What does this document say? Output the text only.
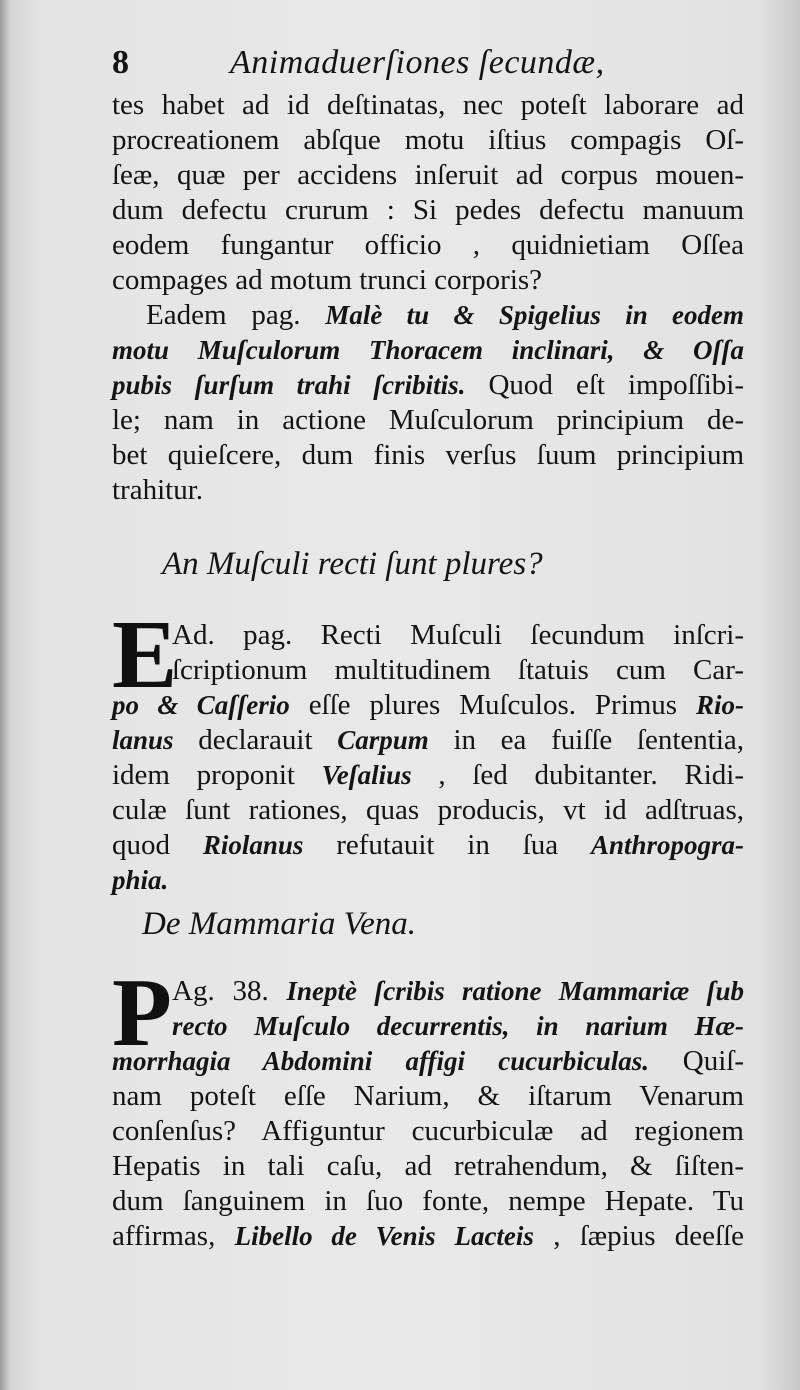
8	Animaduerſiones ſecundæ,
tes habet ad id deſtinatas, nec poteſt laborare ad
procreationem abſque motu iſtius compagis Oſ-
ſeæ, quæ per accidens inſeruit ad corpus mouen-
dum defectu crurum : Si pedes defectu manuum
eodem fungantur officio , quidnietiam Oſſea
compages ad motum trunci corporis?
Eadem pag. Malè tu & Spigelius in eodem
motu Muſculorum Thoracem inclinari, & Oſſa
pubis ſurſum trahi ſcribitis. Quod eſt impoſſibi-
le; nam in actione Muſculorum principium de-
bet quieſcere, dum finis verſus ſuum principium
trahitur.
An Muſculi recti ſunt plures?
E
Ad. pag. Recti Muſculi ſecundum inſcri-
ſcriptionum multitudinem ſtatuis cum Car-
po & Caſſerio eſſe plures Muſculos. Primus Rio-
lanus declarauit Carpum in ea fuiſſe ſententia,
idem proponit Veſalius , ſed dubitanter. Ridi-
culæ ſunt rationes, quas producis, vt id adſtruas,
quod Riolanus refutauit in ſua Anthropogra-
phia.
De Mammaria Vena.
P Ag. 38. Ineptè ſcribis ratione Mammariæ ſub
recto Muſculo decurrentis, in narium Hæ-
morrhagia Abdomini affigi cucurbiculas. Quiſ-
nam poteſt eſſe Narium, & iſtarum Venarum
conſenſus? Affiguntur cucurbiculæ ad regionem
Hepatis in tali caſu, ad retrahendum, & ſiſten-
dum ſanguinem in ſuo fonte, nempe Hepate. Tu
affirmas, Libello de Venis Lacteis , ſæpius deeſſe
